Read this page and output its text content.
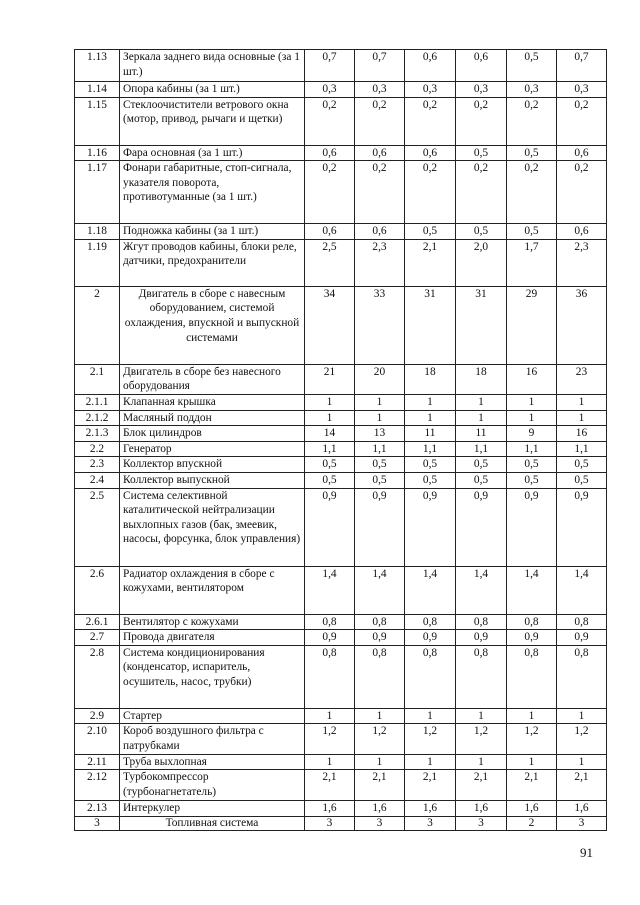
1.13	Зеркала заднего вида основные (за 1 шт.)	0,7	0,7	0,6	0,6	0,5	0,7
1.14	Опора кабины (за 1 шт.)	0,3	0,3	0,3	0,3	0,3	0,3
1.15	Стеклоочистители ветрового окна (мотор, привод, рычаги и щетки)	0,2	0,2	0,2	0,2	0,2	0,2
1.16	Фара основная (за 1 шт.)	0,6	0,6	0,6	0,5	0,5	0,6
1.17	Фонари габаритные, стоп-сигнала, указателя поворота, противотуманные (за 1 шт.)	0,2	0,2	0,2	0,2	0,2	0,2
1.18	Подножка кабины (за 1 шт.)	0,6	0,6	0,5	0,5	0,5	0,6
1.19	Жгут проводов кабины, блоки реле, датчики, предохранители	2,5	2,3	2,1	2,0	1,7	2,3
2	Двигатель в сборе с навесным оборудованием, системой охлаждения, впускной и выпускной системами	34	33	31	31	29	36
2.1	Двигатель в сборе без навесного оборудования	21	20	18	18	16	23
2.1.1	Клапанная крышка	1	1	1	1	1	1
2.1.2	Масляный поддон	1	1	1	1	1	1
2.1.3	Блок цилиндров	14	13	11	11	9	16
2.2	Генератор	1,1	1,1	1,1	1,1	1,1	1,1
2.3	Коллектор впускной	0,5	0,5	0,5	0,5	0,5	0,5
2.4	Коллектор выпускной	0,5	0,5	0,5	0,5	0,5	0,5
2.5	Система селективной каталитической нейтрализации выхлопных газов (бак, змеевик, насосы, форсунка, блок управления)	0,9	0,9	0,9	0,9	0,9	0,9
2.6	Радиатор охлаждения в сборе с кожухами, вентилятором	1,4	1,4	1,4	1,4	1,4	1,4
2.6.1	Вентилятор с кожухами	0,8	0,8	0,8	0,8	0,8	0,8
2.7	Провода двигателя	0,9	0,9	0,9	0,9	0,9	0,9
2.8	Система кондиционирования (конденсатор, испаритель, осушитель, насос, трубки)	0,8	0,8	0,8	0,8	0,8	0,8
2.9	Стартер	1	1	1	1	1	1
2.10	Короб воздушного фильтра с патрубками	1,2	1,2	1,2	1,2	1,2	1,2
2.11	Труба выхлопная	1	1	1	1	1	1
2.12	Турбокомпрессор (турбонагнетатель)	2,1	2,1	2,1	2,1	2,1	2,1
2.13	Интеркулер	1,6	1,6	1,6	1,6	1,6	1,6
3	Топливная система	3	3	3	3	2	3
91
